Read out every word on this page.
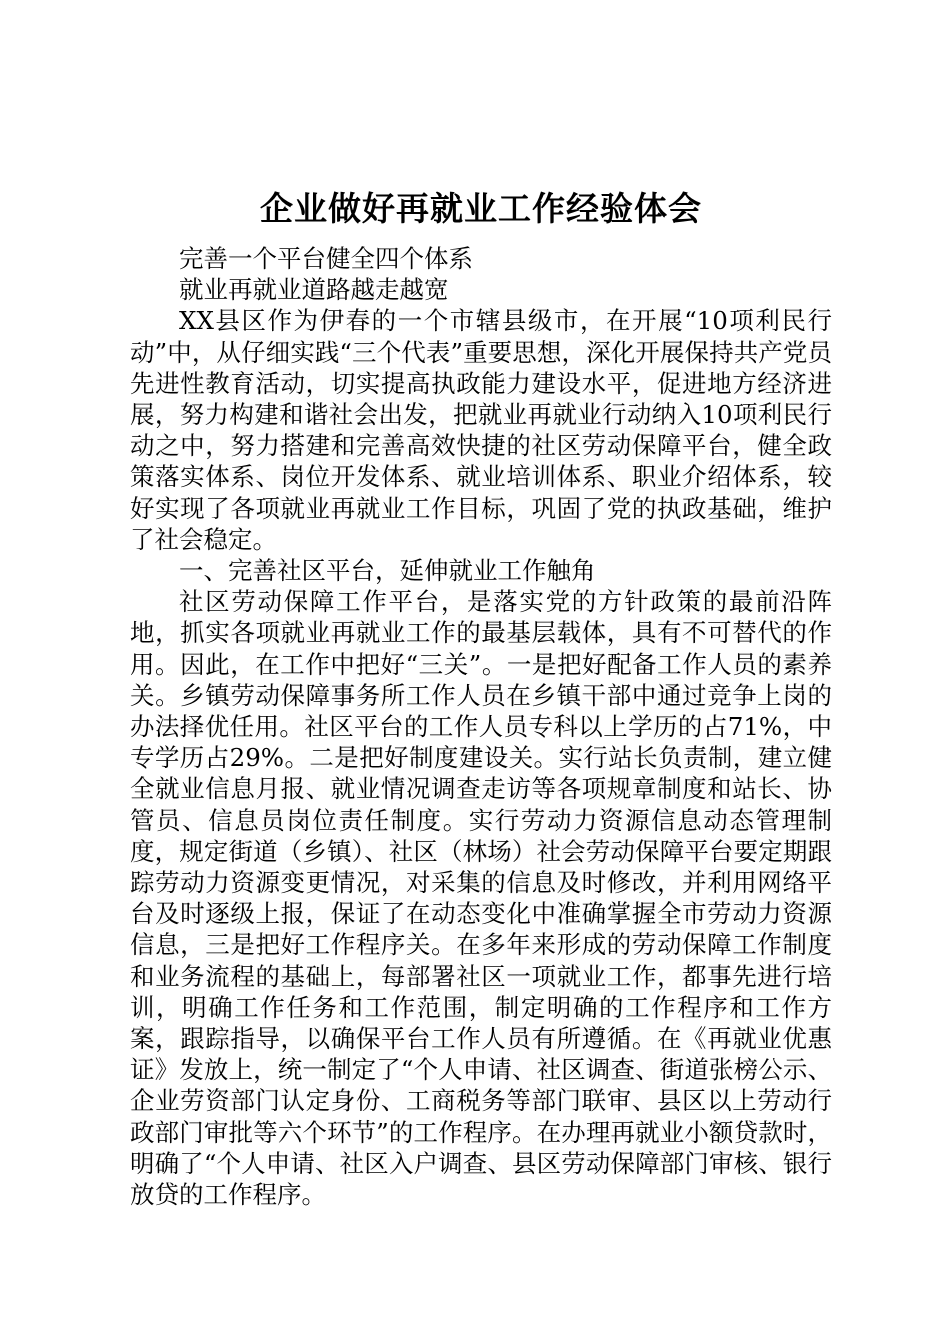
企业做好再就业工作经验体会

完善一个平台健全四个体系

就业再就业道路越走越宽

XX县区作为伊春的一个市辖县级市，在开展“10项利民行动”中，从仔细实践“三个代表”重要思想，深化开展保持共产党员先进性教育活动，切实提高执政能力建设水平，促进地方经济进展，努力构建和谐社会出发，把就业再就业行动纳入10项利民行动之中，努力搭建和完善高效快捷的社区劳动保障平台，健全政策落实体系、岗位开发体系、就业培训体系、职业介绍体系，较好实现了各项就业再就业工作目标，巩固了党的执政基础，维护了社会稳定。

一、完善社区平台，延伸就业工作触角

社区劳动保障工作平台，是落实党的方针政策的最前沿阵地，抓实各项就业再就业工作的最基层载体，具有不可替代的作用。因此，在工作中把好“三关”。一是把好配备工作人员的素养关。乡镇劳动保障事务所工作人员在乡镇干部中通过竞争上岗的办法择优任用。社区平台的工作人员专科以上学历的占71%，中专学历占29%。二是把好制度建设关。实行站长负责制，建立健全就业信息月报、就业情况调查走访等各项规章制度和站长、协管员、信息员岗位责任制度。实行劳动力资源信息动态管理制度，规定街道（乡镇）、社区（林场）社会劳动保障平台要定期跟踪劳动力资源变更情况，对采集的信息及时修改，并利用网络平台及时逐级上报，保证了在动态变化中准确掌握全市劳动力资源信息，三是把好工作程序关。在多年来形成的劳动保障工作制度和业务流程的基础上，每部署社区一项就业工作，都事先进行培训，明确工作任务和工作范围，制定明确的工作程序和工作方案，跟踪指导，以确保平台工作人员有所遵循。在《再就业优惠证》发放上，统一制定了“个人申请、社区调查、街道张榜公示、企业劳资部门认定身份、工商税务等部门联审、县区以上劳动行政部门审批等六个环节”的工作程序。在办理再就业小额贷款时，明确了“个人申请、社区入户调查、县区劳动保障部门审核、银行放贷的工作程序。
